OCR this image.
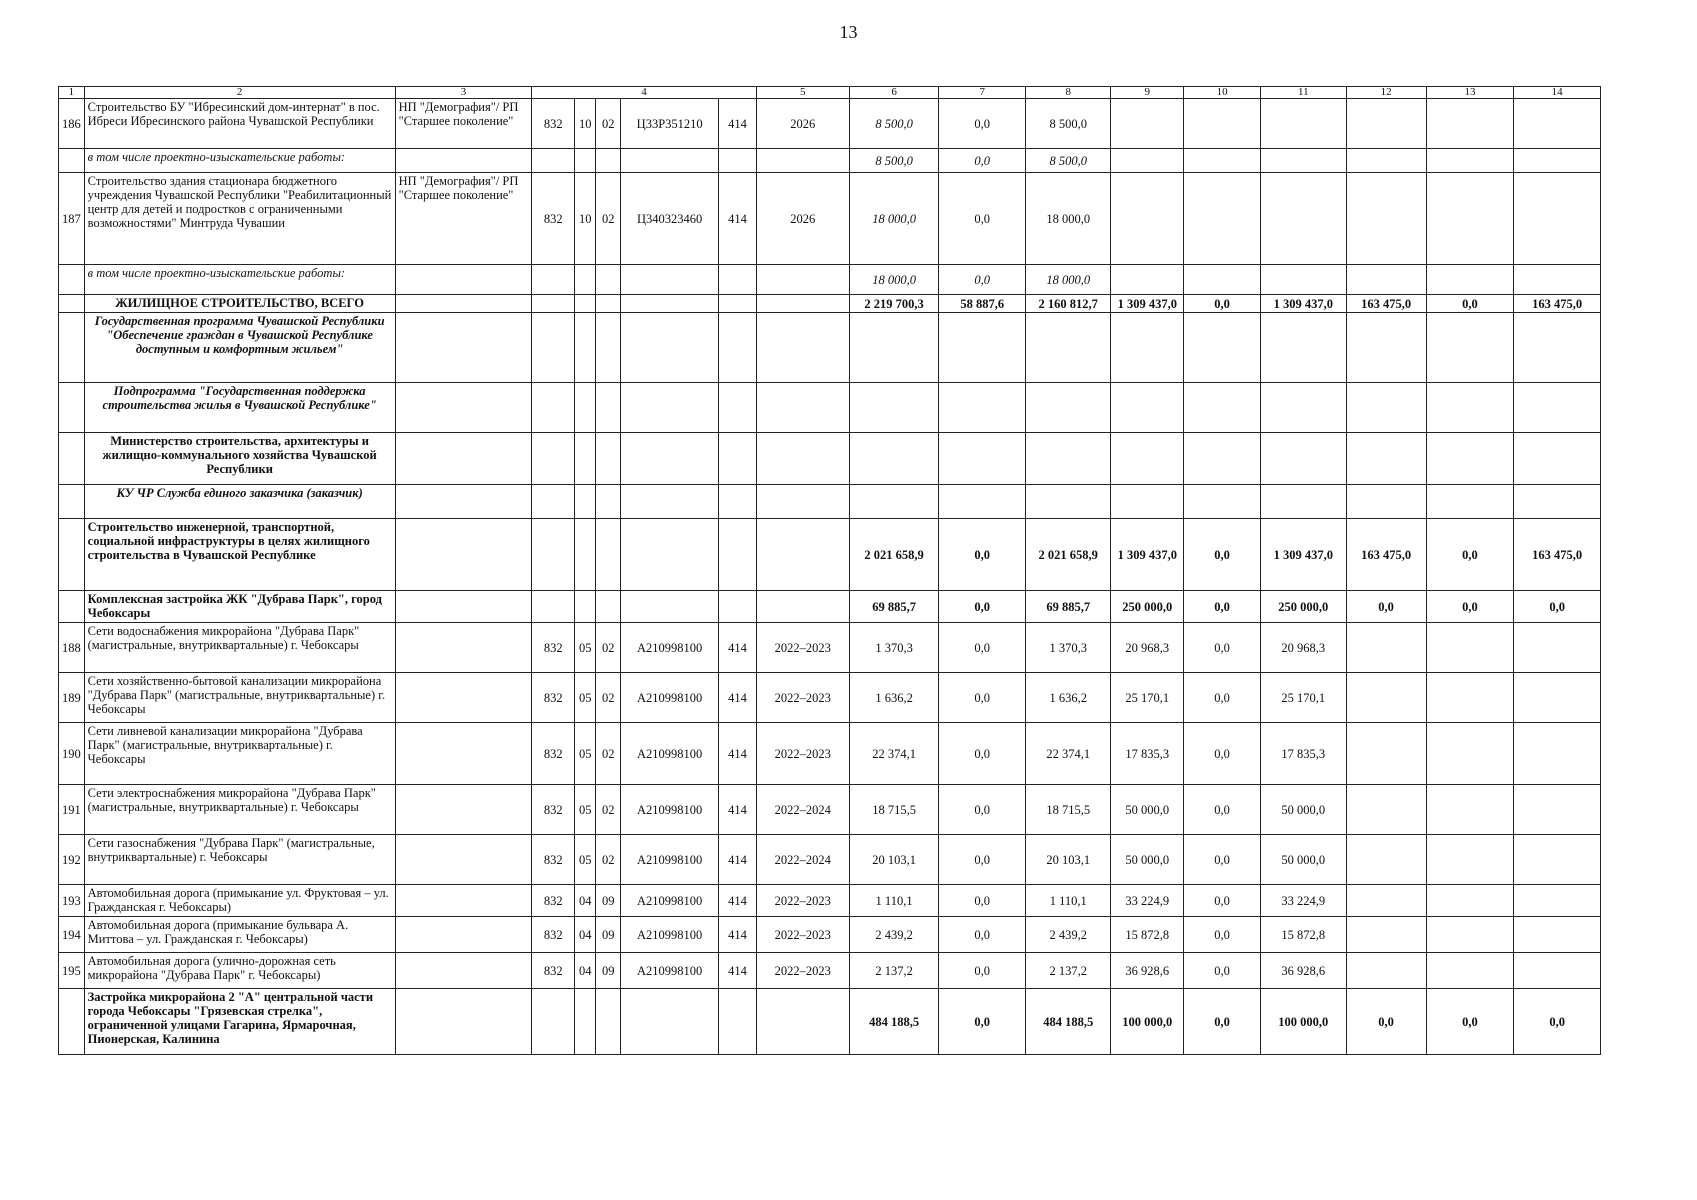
13
1	2	3	4					5	6	7	8	9	10	11	12	13	14
186	Строительство БУ "Ибресинский дом-интернат" в пос. Ибреси Ибресинского района Чувашской Республики	НП "Демография"/ РП "Старшее поколение"	832	10	02	Ц33Р351210	414	2026	8 500,0	0,0	8 500,0						
	в том числе проектно-изыскательские работы:								8 500,0	0,0	8 500,0						
187	Строительство здания стационара бюджетного учреждения Чувашской Республики "Реабилитационный центр для детей и подростков с ограниченными возможностями" Минтруда Чувашии	НП "Демография"/ РП "Старшее поколение"	832	10	02	Ц340323460	414	2026	18 000,0	0,0	18 000,0						
	в том числе проектно-изыскательские работы:								18 000,0	0,0	18 000,0						
	ЖИЛИЩНОЕ СТРОИТЕЛЬСТВО, ВСЕГО								2 219 700,3	58 887,6	2 160 812,7	1 309 437,0	0,0	1 309 437,0	163 475,0	0,0	163 475,0
	Государственная программа Чувашской Республики "Обеспечение граждан в Чувашской Республике доступным и комфортным жильем"																
	Подпрограмма "Государственная поддержка строительства жилья в Чувашской Республике"																
	Министерство строительства, архитектуры и жилищно-коммунального хозяйства Чувашской Республики																
	КУ ЧР Служба единого заказчика (заказчик)																
	Строительство инженерной, транспортной, социальной инфраструктуры в целях жилищного строительства в Чувашской Республике								2 021 658,9	0,0	2 021 658,9	1 309 437,0	0,0	1 309 437,0	163 475,0	0,0	163 475,0
	Комплексная застройка ЖК "Дубрава Парк", город Чебоксары								69 885,7	0,0	69 885,7	250 000,0	0,0	250 000,0	0,0	0,0	0,0
188	Сети водоснабжения микрорайона "Дубрава Парк" (магистральные, внутриквартальные) г. Чебоксары		832	05	02	А210998100	414	2022–2023	1 370,3	0,0	1 370,3	20 968,3	0,0	20 968,3			
189	Сети хозяйственно-бытовой канализации микрорайона "Дубрава Парк" (магистральные, внутриквартальные) г. Чебоксары		832	05	02	А210998100	414	2022–2023	1 636,2	0,0	1 636,2	25 170,1	0,0	25 170,1			
190	Сети ливневой канализации микрорайона "Дубрава Парк" (магистральные, внутриквартальные) г. Чебоксары		832	05	02	А210998100	414	2022–2023	22 374,1	0,0	22 374,1	17 835,3	0,0	17 835,3			
191	Сети электроснабжения микрорайона "Дубрава Парк" (магистральные, внутриквартальные) г. Чебоксары		832	05	02	А210998100	414	2022–2024	18 715,5	0,0	18 715,5	50 000,0	0,0	50 000,0			
192	Сети газоснабжения "Дубрава Парк" (магистральные, внутриквартальные) г. Чебоксары		832	05	02	А210998100	414	2022–2024	20 103,1	0,0	20 103,1	50 000,0	0,0	50 000,0			
193	Автомобильная дорога (примыкание ул. Фруктовая – ул. Гражданская г. Чебоксары)		832	04	09	А210998100	414	2022–2023	1 110,1	0,0	1 110,1	33 224,9	0,0	33 224,9			
194	Автомобильная дорога (примыкание бульвара А. Миттова – ул. Гражданская г. Чебоксары)		832	04	09	А210998100	414	2022–2023	2 439,2	0,0	2 439,2	15 872,8	0,0	15 872,8			
195	Автомобильная дорога (улично-дорожная сеть микрорайона "Дубрава Парк" г. Чебоксары)		832	04	09	А210998100	414	2022–2023	2 137,2	0,0	2 137,2	36 928,6	0,0	36 928,6			
	Застройка микрорайона 2 "А" центральной части города Чебоксары "Грязевская стрелка", ограниченной улицами Гагарина, Ярмарочная, Пионерская, Калинина								484 188,5	0,0	484 188,5	100 000,0	0,0	100 000,0	0,0	0,0	0,0
